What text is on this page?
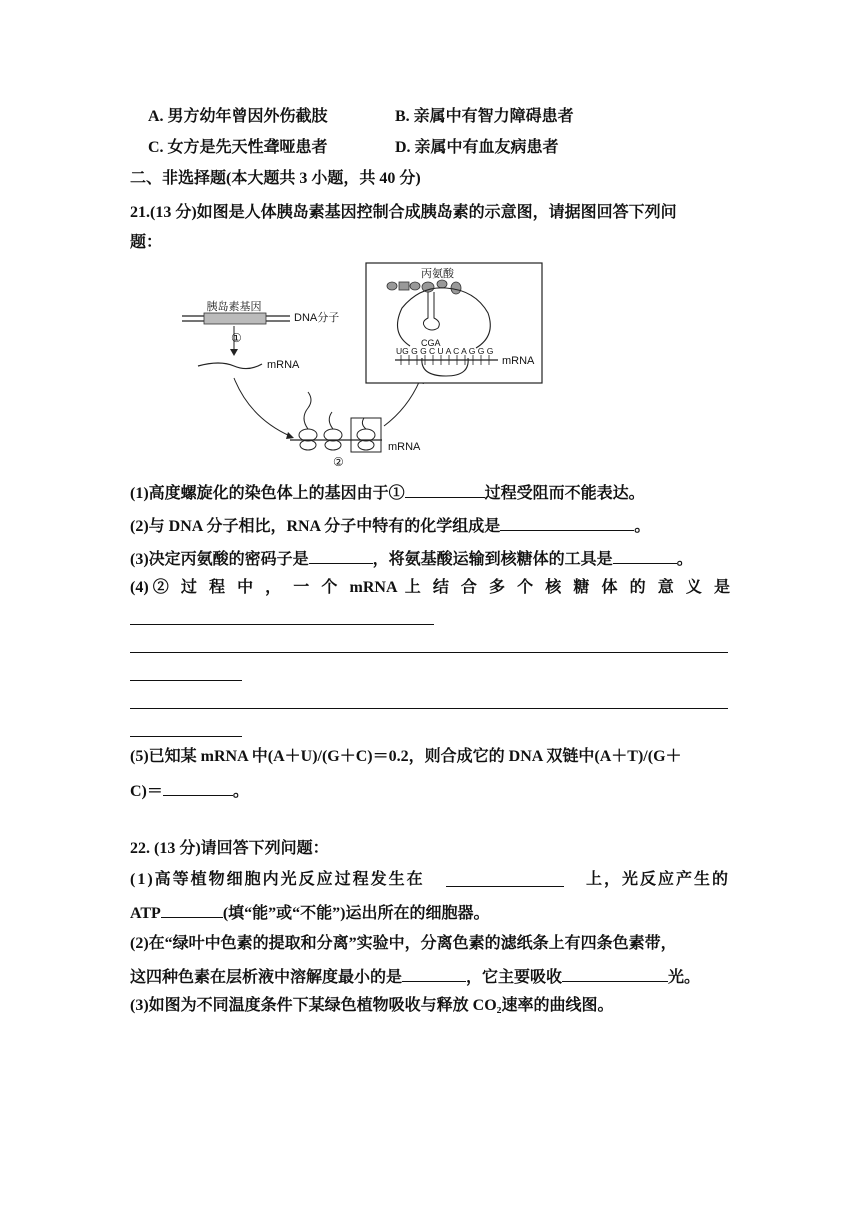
A. 男方幼年曾因外伤截肢	B. 亲属中有智力障碍患者
C. 女方是先天性聋哑患者	D. 亲属中有血友病患者
二、非选择题(本大题共 3 小题，共 40 分)
21.(13 分)如图是人体胰岛素基因控制合成胰岛素的示意图，请据图回答下列问
题：
胰岛素基因
DNA分子
①
mRNA
mRNA
②
丙氨酸
CGA
UG G G C U A C A G G G
mRNA
(1)高度螺旋化的染色体上的基因由于①	过程受阻而不能表达。
(2)与 DNA 分子相比，RNA 分子中特有的化学组成是	。
(3)决定丙氨酸的密码子是	，将氨基酸运输到核糖体的工具是	。
(4)② 过 程 中 ， 一 个 mRNA 上 结 合 多 个 核 糖 体 的 意 义 是
(5)已知某 mRNA 中(A＋U)/(G＋C)＝0.2，则合成它的 DNA 双链中(A＋T)/(G＋
C)＝	。
22. (13 分)请回答下列问题：
(1)高等植物细胞内光反应过程发生在	上，光反应产生的
ATP	(填“能”或“不能”)运出所在的细胞器。
(2)在“绿叶中色素的提取和分离”实验中，分离色素的滤纸条上有四条色素带，
这四种色素在层析液中溶解度最小的是	，它主要吸收	光。
(3)如图为不同温度条件下某绿色植物吸收与释放 CO₂速率的曲线图。
